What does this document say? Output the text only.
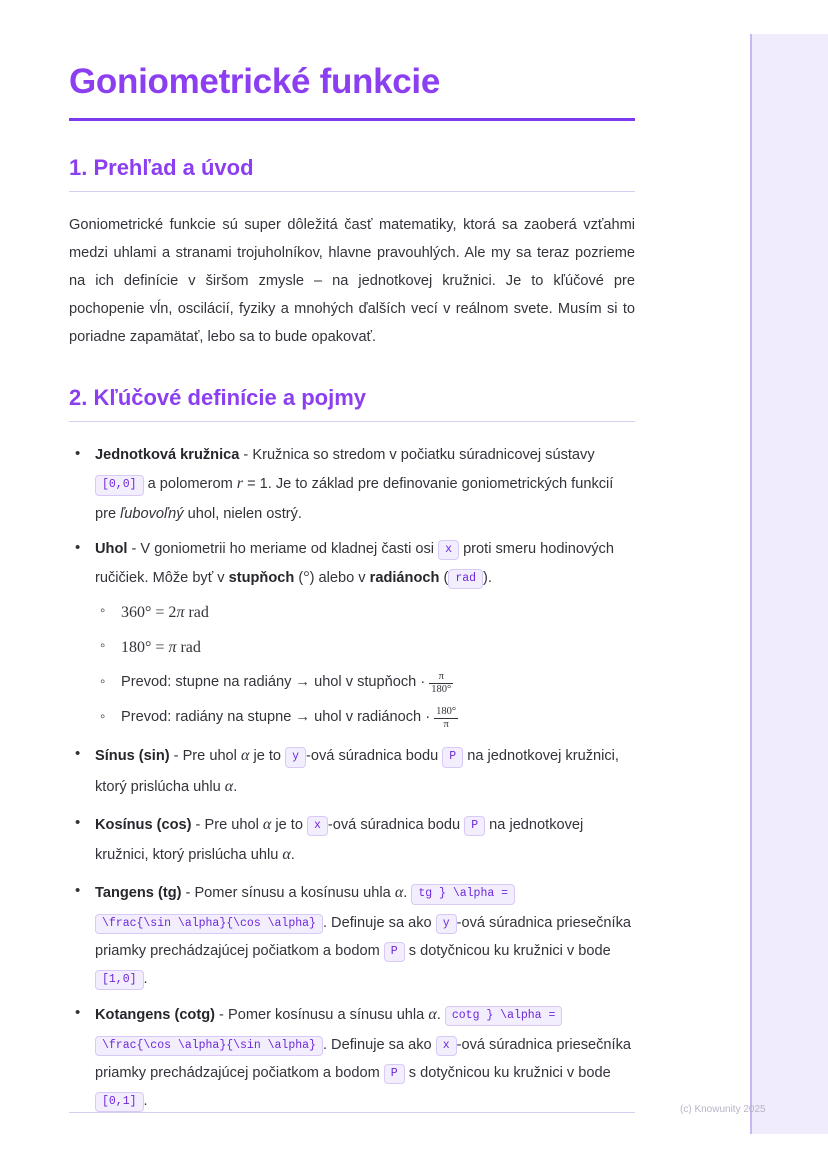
Goniometrické funkcie
1. Prehľad a úvod

Goniometrické funkcie sú super dôležitá časť matematiky, ktorá sa zaoberá vzťahmi medzi uhlami a stranami trojuholníkov, hlavne pravouhlých. Ale my sa teraz pozrieme na ich definície v širšom zmysle – na jednotkovej kružnici. Je to kľúčové pre pochopenie vĺn, oscilácií, fyziky a mnohých ďalších vecí v reálnom svete. Musím si to poriadne zapamätať, lebo sa to bude opakovať.

2. Kľúčové definície a pojmy
• Jednotková kružnica - Kružnica so stredom v počiatku súradnicovej sústavy [0,0] a polomerom r = 1. Je to základ pre definovanie goniometrických funkcií pre ľubovoľný uhol, nielen ostrý.
• Uhol - V goniometrii ho meriame od kladnej časti osi x proti smeru hodinových ručičiek. Môže byť v stupňoch (°) alebo v radiánoch ( rad ).
◦ 360° = 2π rad
◦ 180° = π rad
◦ Prevod: stupne na radiány → uhol v stupňoch · $\frac{\pi}{180^\circ}$
◦ Prevod: radiány na stupne → uhol v radiánoch · $\frac{180^\circ}{\pi}$
• Sínus (sin) - Pre uhol α je to y -ová súradnica bodu P na jednotkovej kružnici, ktorý prislúcha uhlu α.
• Kosínus (cos) - Pre uhol α je to x -ová súradnica bodu P na jednotkovej kružnici, ktorý prislúcha uhlu α.
• Tangens (tg) - Pomer sínusu a kosínusu uhla α. tg } \alpha = \frac{\sin \alpha}{\cos \alpha} . Definuje sa ako y -ová súradnica priesečníka priamky prechádzajúcej počiatkom a bodom P s dotyčnicou ku kružnici v bode [1,0] .
• Kotangens (cotg) - Pomer kosínusu a sínusu uhla α. cotg } \alpha = \frac{\cos \alpha}{\sin \alpha} . Definuje sa ako x -ová súradnica priesečníka priamky prechádzajúcej počiatkom a bodom P s dotyčnicou ku kružnici v bode [0,1] .
(c) Knowunity 2025
